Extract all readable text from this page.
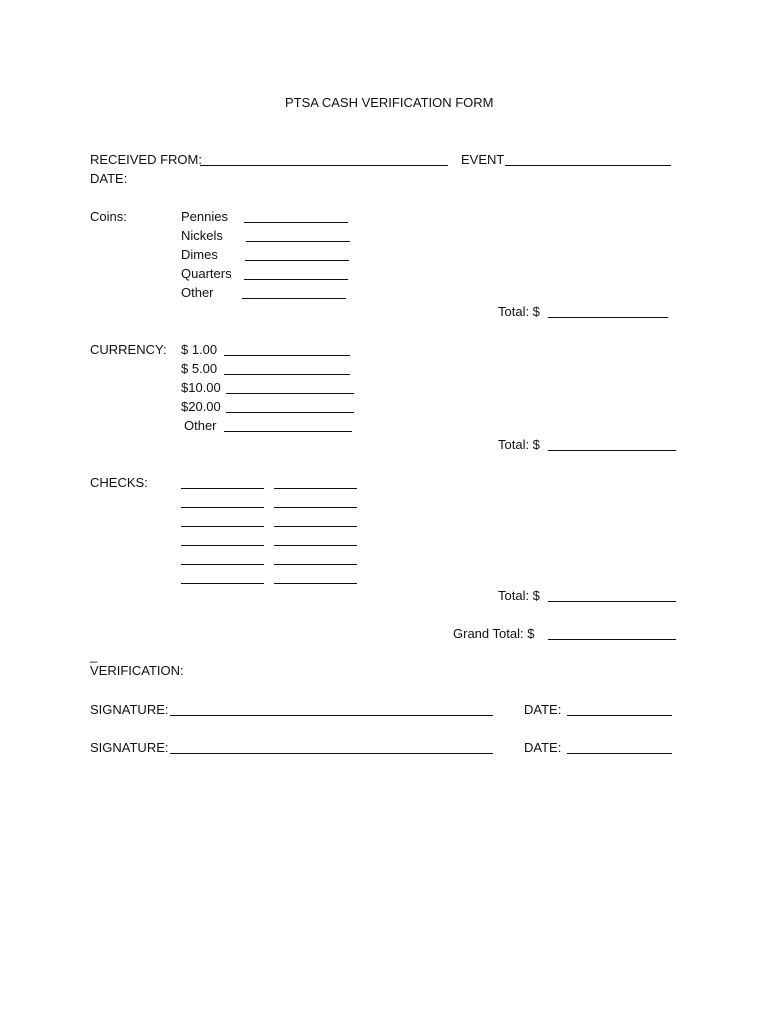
PTSA CASH VERIFICATION FORM
RECEIVED FROM:	EVENT
DATE:
Coins:	Pennies
Nickels
Dimes
Quarters
Other
Total: $
CURRENCY: $ 1.00
$ 5.00
$10.00
$20.00
Other
Total: $
CHECKS:
Total: $
Grand Total: $
_
VERIFICATION:
SIGNATURE:	DATE:
SIGNATURE:	DATE:
